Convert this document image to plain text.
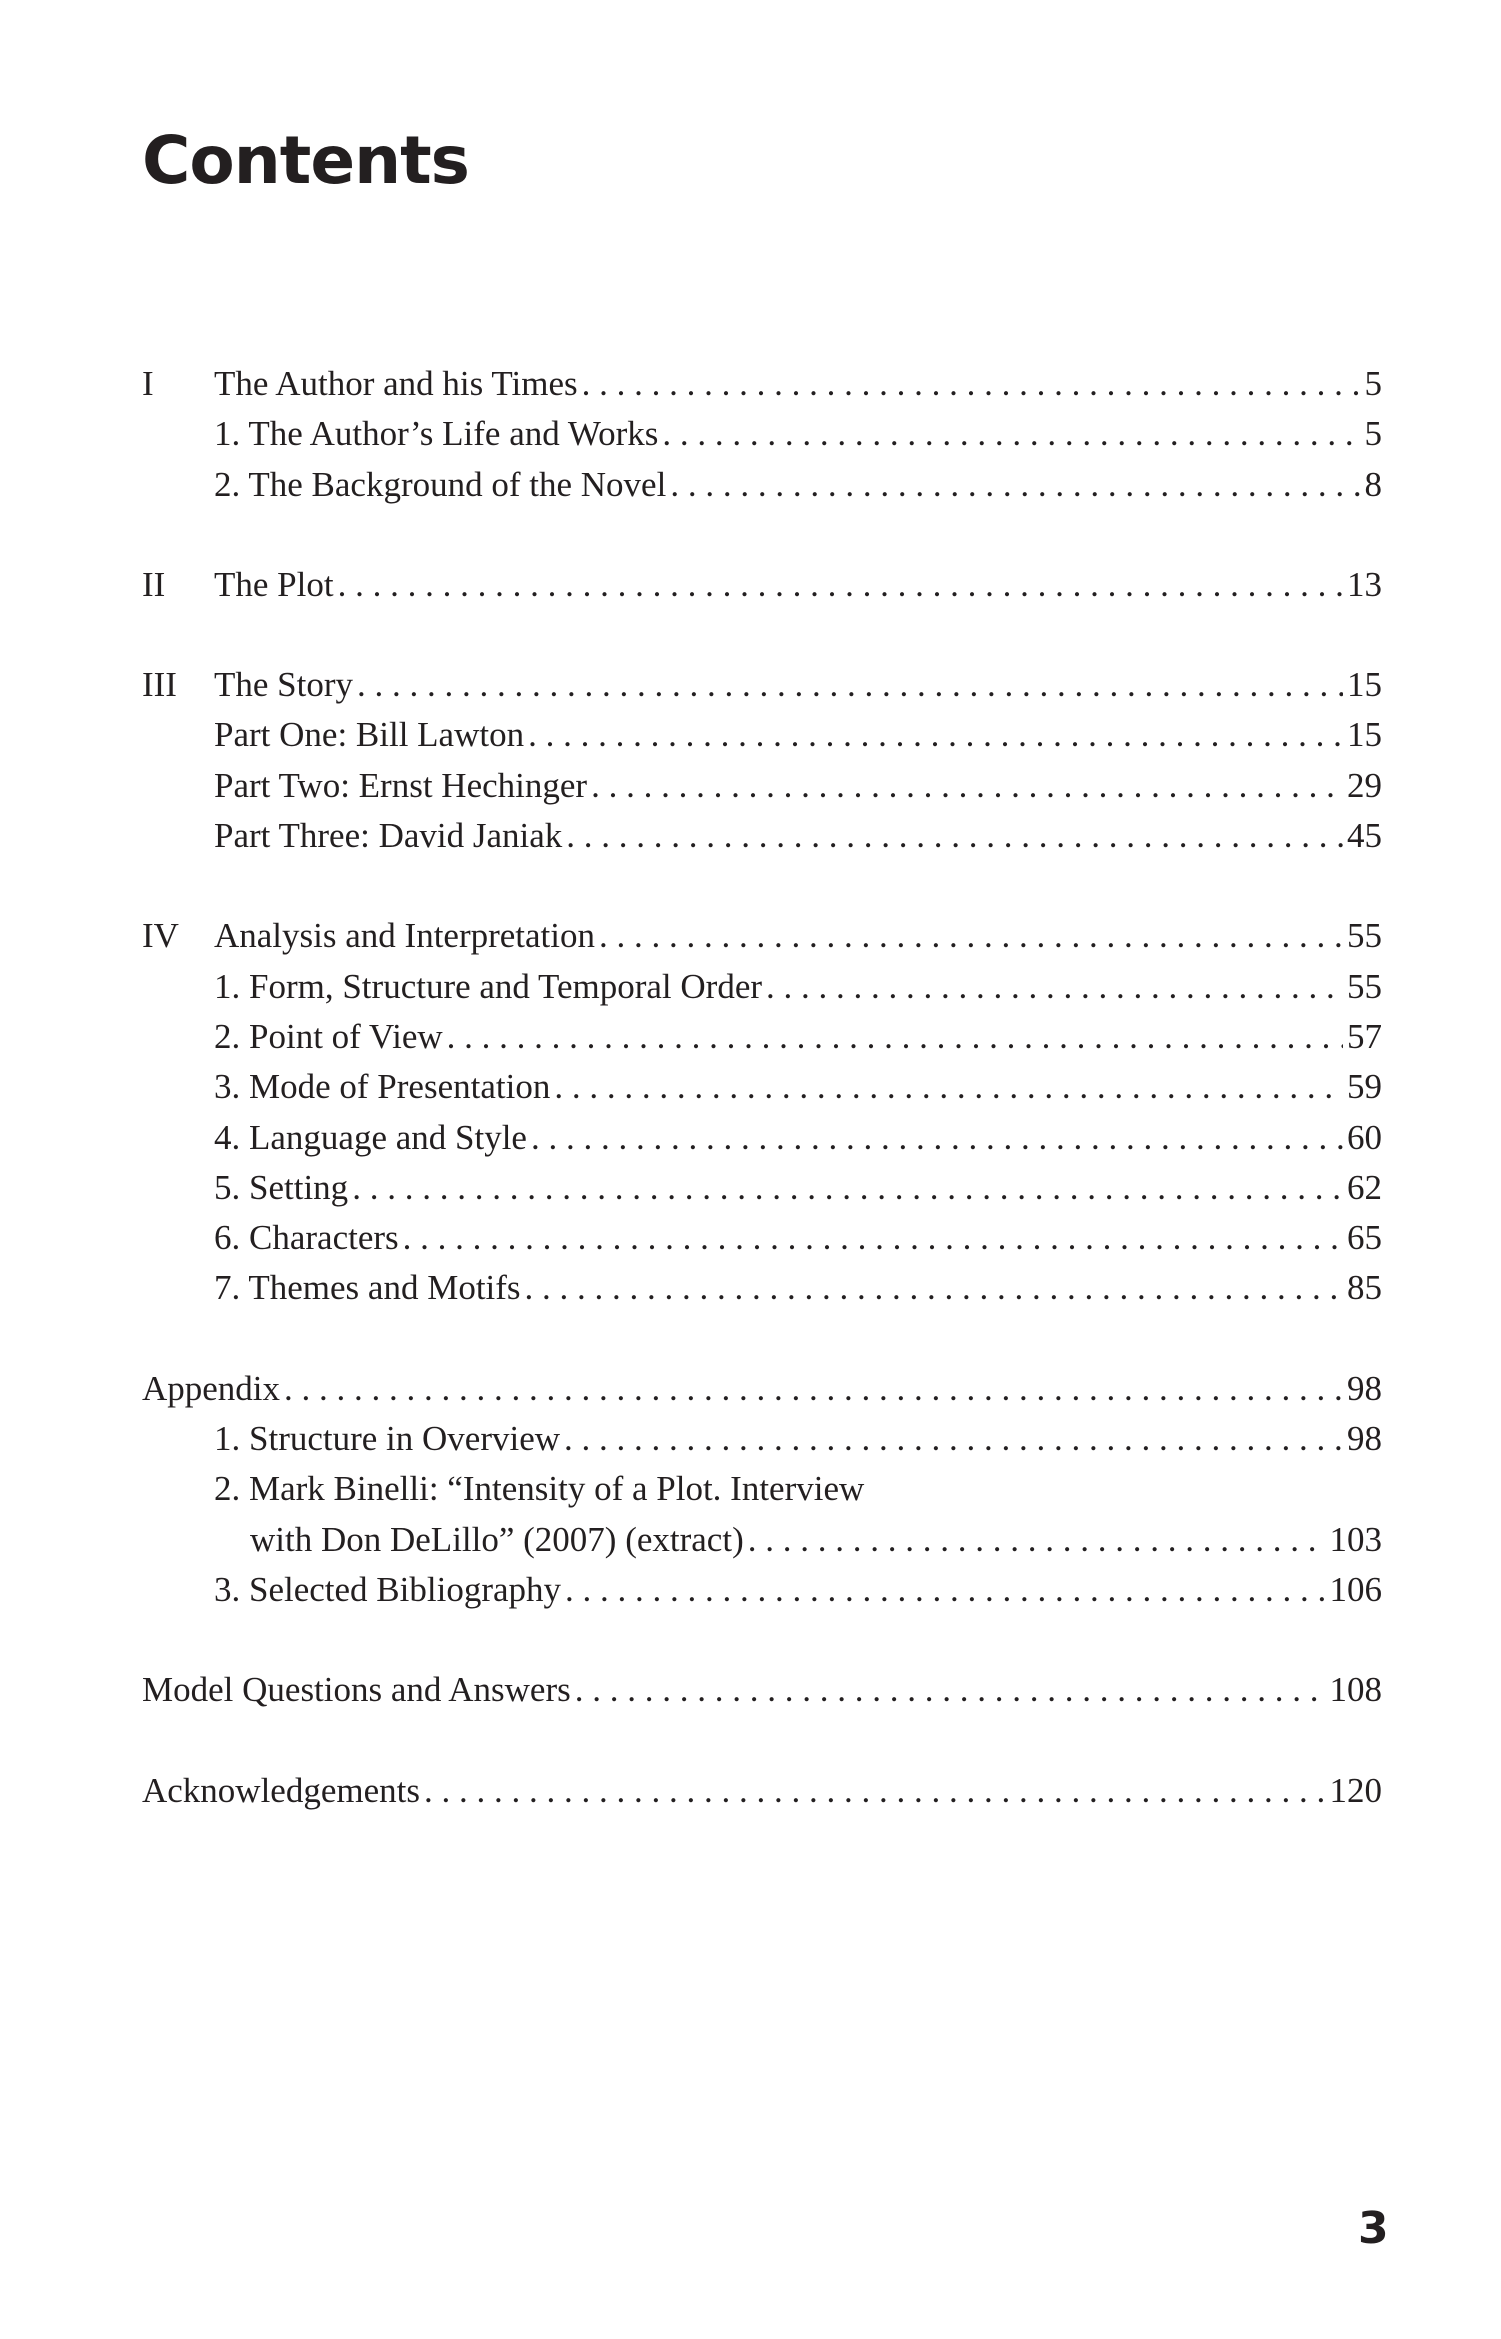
Contents
I	The Author and his Times . . .	5
1. The Author’s Life and Works . . .	5
2. The Background of the Novel . . .	8
II	The Plot . . .	13
III	The Story . . .	15
Part One: Bill Lawton . . .	15
Part Two: Ernst Hechinger . . .	29
Part Three: David Janiak . . .	45
IV	Analysis and Interpretation . . .	55
1. Form, Structure and Temporal Order . . .	55
2. Point of View . . .	57
3. Mode of Presentation . . .	59
4. Language and Style . . .	60
5. Setting . . .	62
6. Characters . . .	65
7. Themes and Motifs . . .	85
Appendix . . .	98
1. Structure in Overview . . .	98
2. Mark Binelli: “Intensity of a Plot. Interview
with Don DeLillo” (2007) (extract) . . .	103
3. Selected Bibliography . . .	106
Model Questions and Answers . . .	108
Acknowledgements . . .	120
3
